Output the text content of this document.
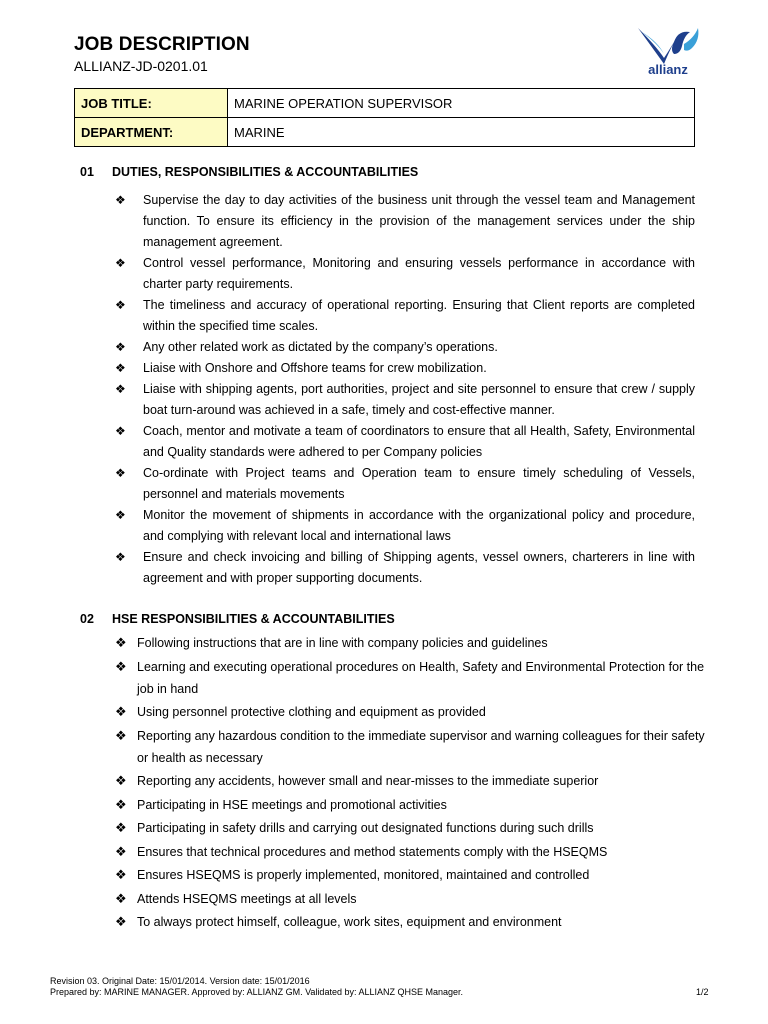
JOB DESCRIPTION
ALLIANZ-JD-0201.01	allianz
JOB TITLE:	MARINE OPERATION SUPERVISOR
DEPARTMENT:	MARINE
01 DUTIES, RESPONSIBILITIES & ACCOUNTABILITIES
❖ Supervise the day to day activities of the business unit through the vessel team and Management function. To ensure its efficiency in the provision of the management services under the ship management agreement.
❖ Control vessel performance, Monitoring and ensuring vessels performance in accordance with charter party requirements.
❖ The timeliness and accuracy of operational reporting. Ensuring that Client reports are completed within the specified time scales.
❖ Any other related work as dictated by the company’s operations.
❖ Liaise with Onshore and Offshore teams for crew mobilization.
❖ Liaise with shipping agents, port authorities, project and site personnel to ensure that crew / supply boat turn-around was achieved in a safe, timely and cost-effective manner.
❖ Coach, mentor and motivate a team of coordinators to ensure that all Health, Safety, Environmental and Quality standards were adhered to per Company policies
❖ Co-ordinate with Project teams and Operation team to ensure timely scheduling of Vessels, personnel and materials movements
❖ Monitor the movement of shipments in accordance with the organizational policy and procedure, and complying with relevant local and international laws
❖ Ensure and check invoicing and billing of Shipping agents, vessel owners, charterers in line with agreement and with proper supporting documents.
02 HSE RESPONSIBILITIES & ACCOUNTABILITIES
❖ Following instructions that are in line with company policies and guidelines
❖ Learning and executing operational procedures on Health, Safety and Environmental Protection for the job in hand
❖ Using personnel protective clothing and equipment as provided
❖ Reporting any hazardous condition to the immediate supervisor and warning colleagues for their safety or health as necessary
❖ Reporting any accidents, however small and near-misses to the immediate superior
❖ Participating in HSE meetings and promotional activities
❖ Participating in safety drills and carrying out designated functions during such drills
❖ Ensures that technical procedures and method statements comply with the HSEQMS
❖ Ensures HSEQMS is properly implemented, monitored, maintained and controlled
❖ Attends HSEQMS meetings at all levels
❖ To always protect himself, colleague, work sites, equipment and environment
Revision 03. Original Date: 15/01/2014. Version date: 15/01/2016
Prepared by: MARINE MANAGER. Approved by: ALLIANZ GM. Validated by: ALLIANZ QHSE Manager.	1/2
